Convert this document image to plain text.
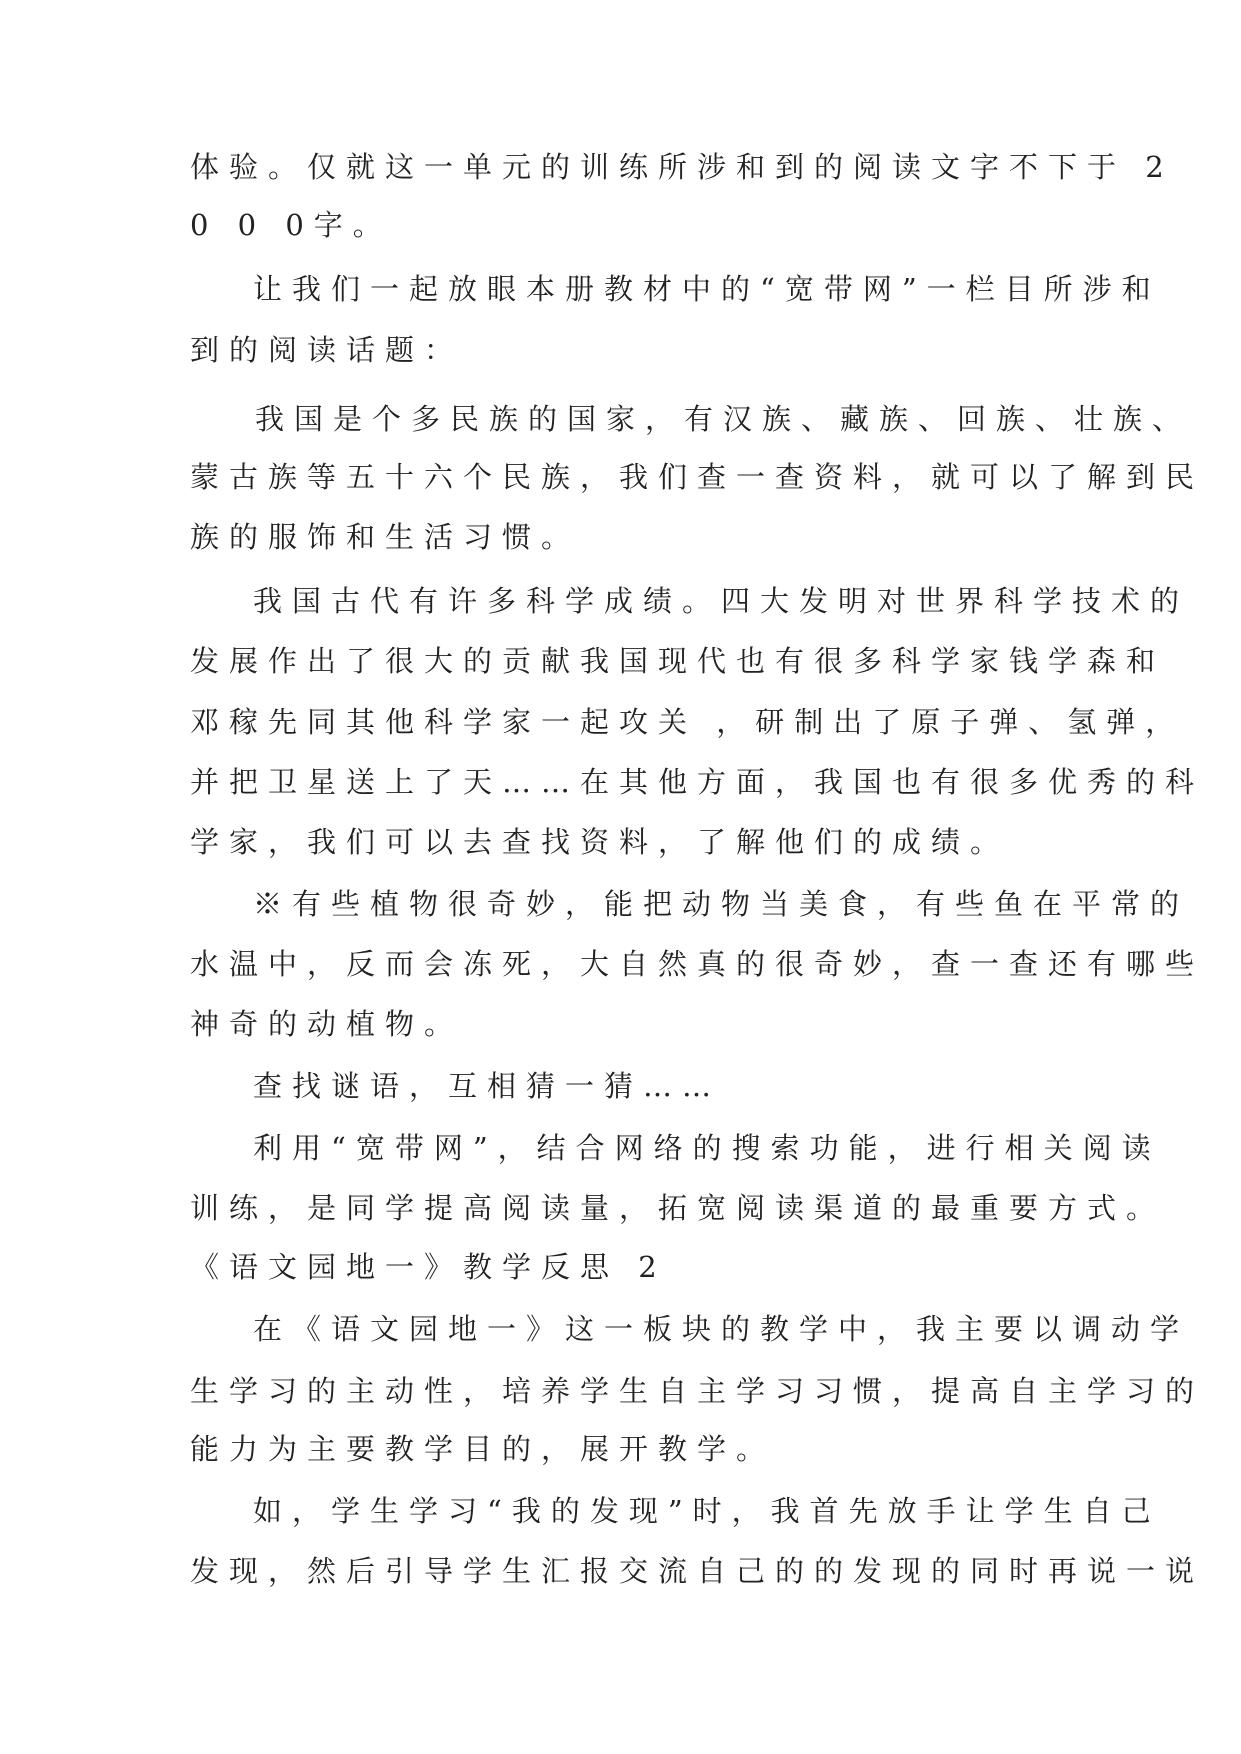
体验。仅就这一单元的训练所涉和到的阅读文字不下于 2
0 0 0字。
让我们一起放眼本册教材中的“宽带网”一栏目所涉和
到的阅读话题：
我国是个多民族的国家，有汉族、藏族、回族、壮族、
蒙古族等五十六个民族，我们查一查资料，就可以了解到民
族的服饰和生活习惯。
我国古代有许多科学成绩。四大发明对世界科学技术的
发展作出了很大的贡献我国现代也有很多科学家钱学森和
邓稼先同其他科学家一起攻关 ，研制出了原子弹、氢弹，
并把卫星送上了天……在其他方面，我国也有很多优秀的科
学家，我们可以去查找资料，了解他们的成绩。
※有些植物很奇妙，能把动物当美食，有些鱼在平常的
水温中，反而会冻死，大自然真的很奇妙，查一查还有哪些
神奇的动植物。
查找谜语，互相猜一猜……
利用“宽带网”，结合网络的搜索功能，进行相关阅读
训练，是同学提高阅读量，拓宽阅读渠道的最重要方式。
《语文园地一》教学反思 2
在《语文园地一》这一板块的教学中，我主要以调动学
生学习的主动性，培养学生自主学习习惯，提高自主学习的
能力为主要教学目的，展开教学。
如，学生学习“我的发现”时，我首先放手让学生自己
发现，然后引导学生汇报交流自己的的发现的同时再说一说
